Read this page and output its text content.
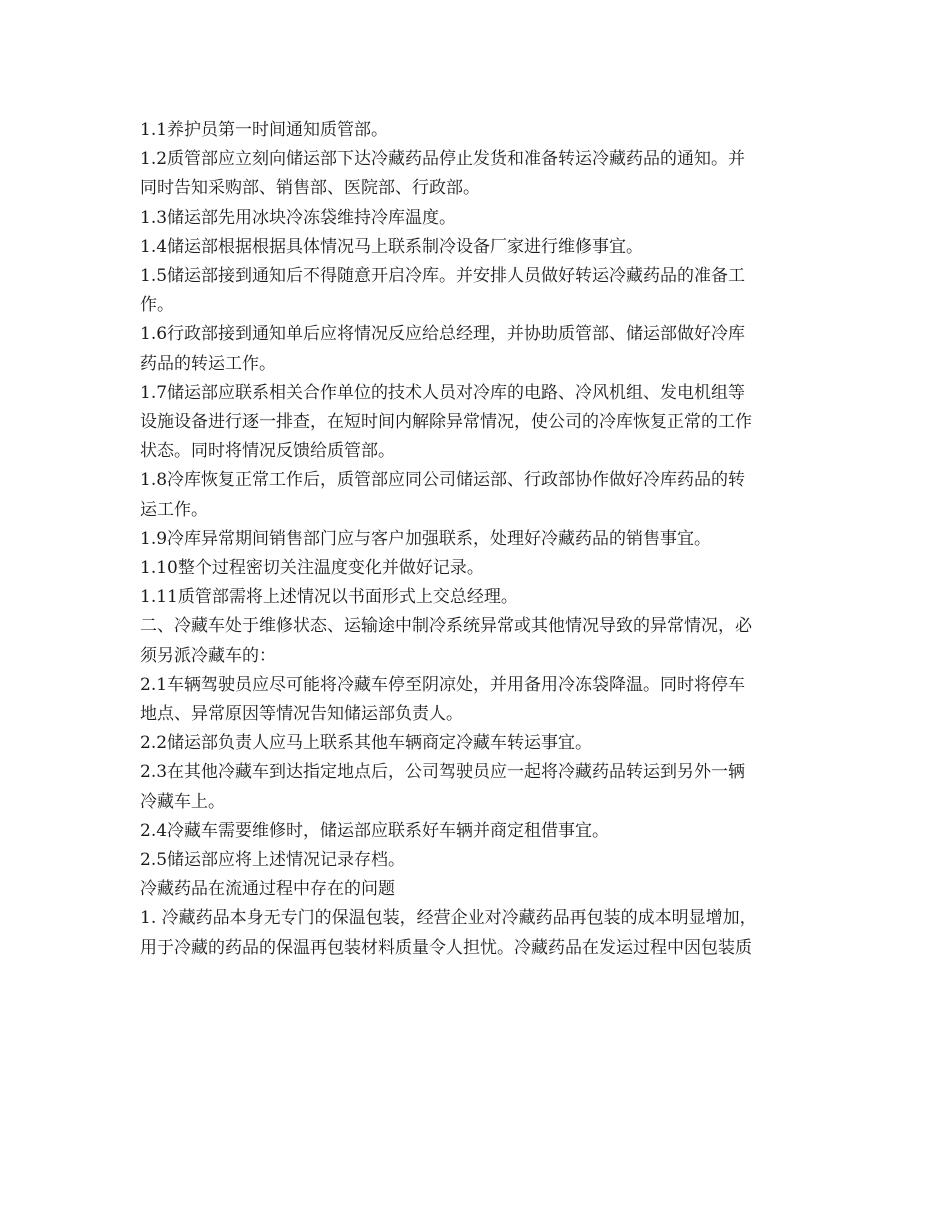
1.1养护员第一时间通知质管部。
1.2质管部应立刻向储运部下达冷藏药品停止发货和准备转运冷藏药品的通知。并
同时告知采购部、销售部、医院部、行政部。
1.3储运部先用冰块冷冻袋维持冷库温度。
1.4储运部根据根据具体情况马上联系制冷设备厂家进行维修事宜。
1.5储运部接到通知后不得随意开启冷库。并安排人员做好转运冷藏药品的准备工
作。
1.6行政部接到通知单后应将情况反应给总经理，并协助质管部、储运部做好冷库
药品的转运工作。
1.7储运部应联系相关合作单位的技术人员对冷库的电路、冷风机组、发电机组等
设施设备进行逐一排查，在短时间内解除异常情况，使公司的冷库恢复正常的工作
状态。同时将情况反馈给质管部。
1.8冷库恢复正常工作后，质管部应同公司储运部、行政部协作做好冷库药品的转
运工作。
1.9冷库异常期间销售部门应与客户加强联系，处理好冷藏药品的销售事宜。
1.10整个过程密切关注温度变化并做好记录。
1.11质管部需将上述情况以书面形式上交总经理。
二、冷藏车处于维修状态、运输途中制冷系统异常或其他情况导致的异常情况，必
须另派冷藏车的：
2.1车辆驾驶员应尽可能将冷藏车停至阴凉处，并用备用冷冻袋降温。同时将停车
地点、异常原因等情况告知储运部负责人。
2.2储运部负责人应马上联系其他车辆商定冷藏车转运事宜。
2.3在其他冷藏车到达指定地点后，公司驾驶员应一起将冷藏药品转运到另外一辆
冷藏车上。
2.4冷藏车需要维修时，储运部应联系好车辆并商定租借事宜。
2.5储运部应将上述情况记录存档。
冷藏药品在流通过程中存在的问题
1. 冷藏药品本身无专门的保温包装，经营企业对冷藏药品再包装的成本明显增加，
用于冷藏的药品的保温再包装材料质量令人担忧。冷藏药品在发运过程中因包装质
